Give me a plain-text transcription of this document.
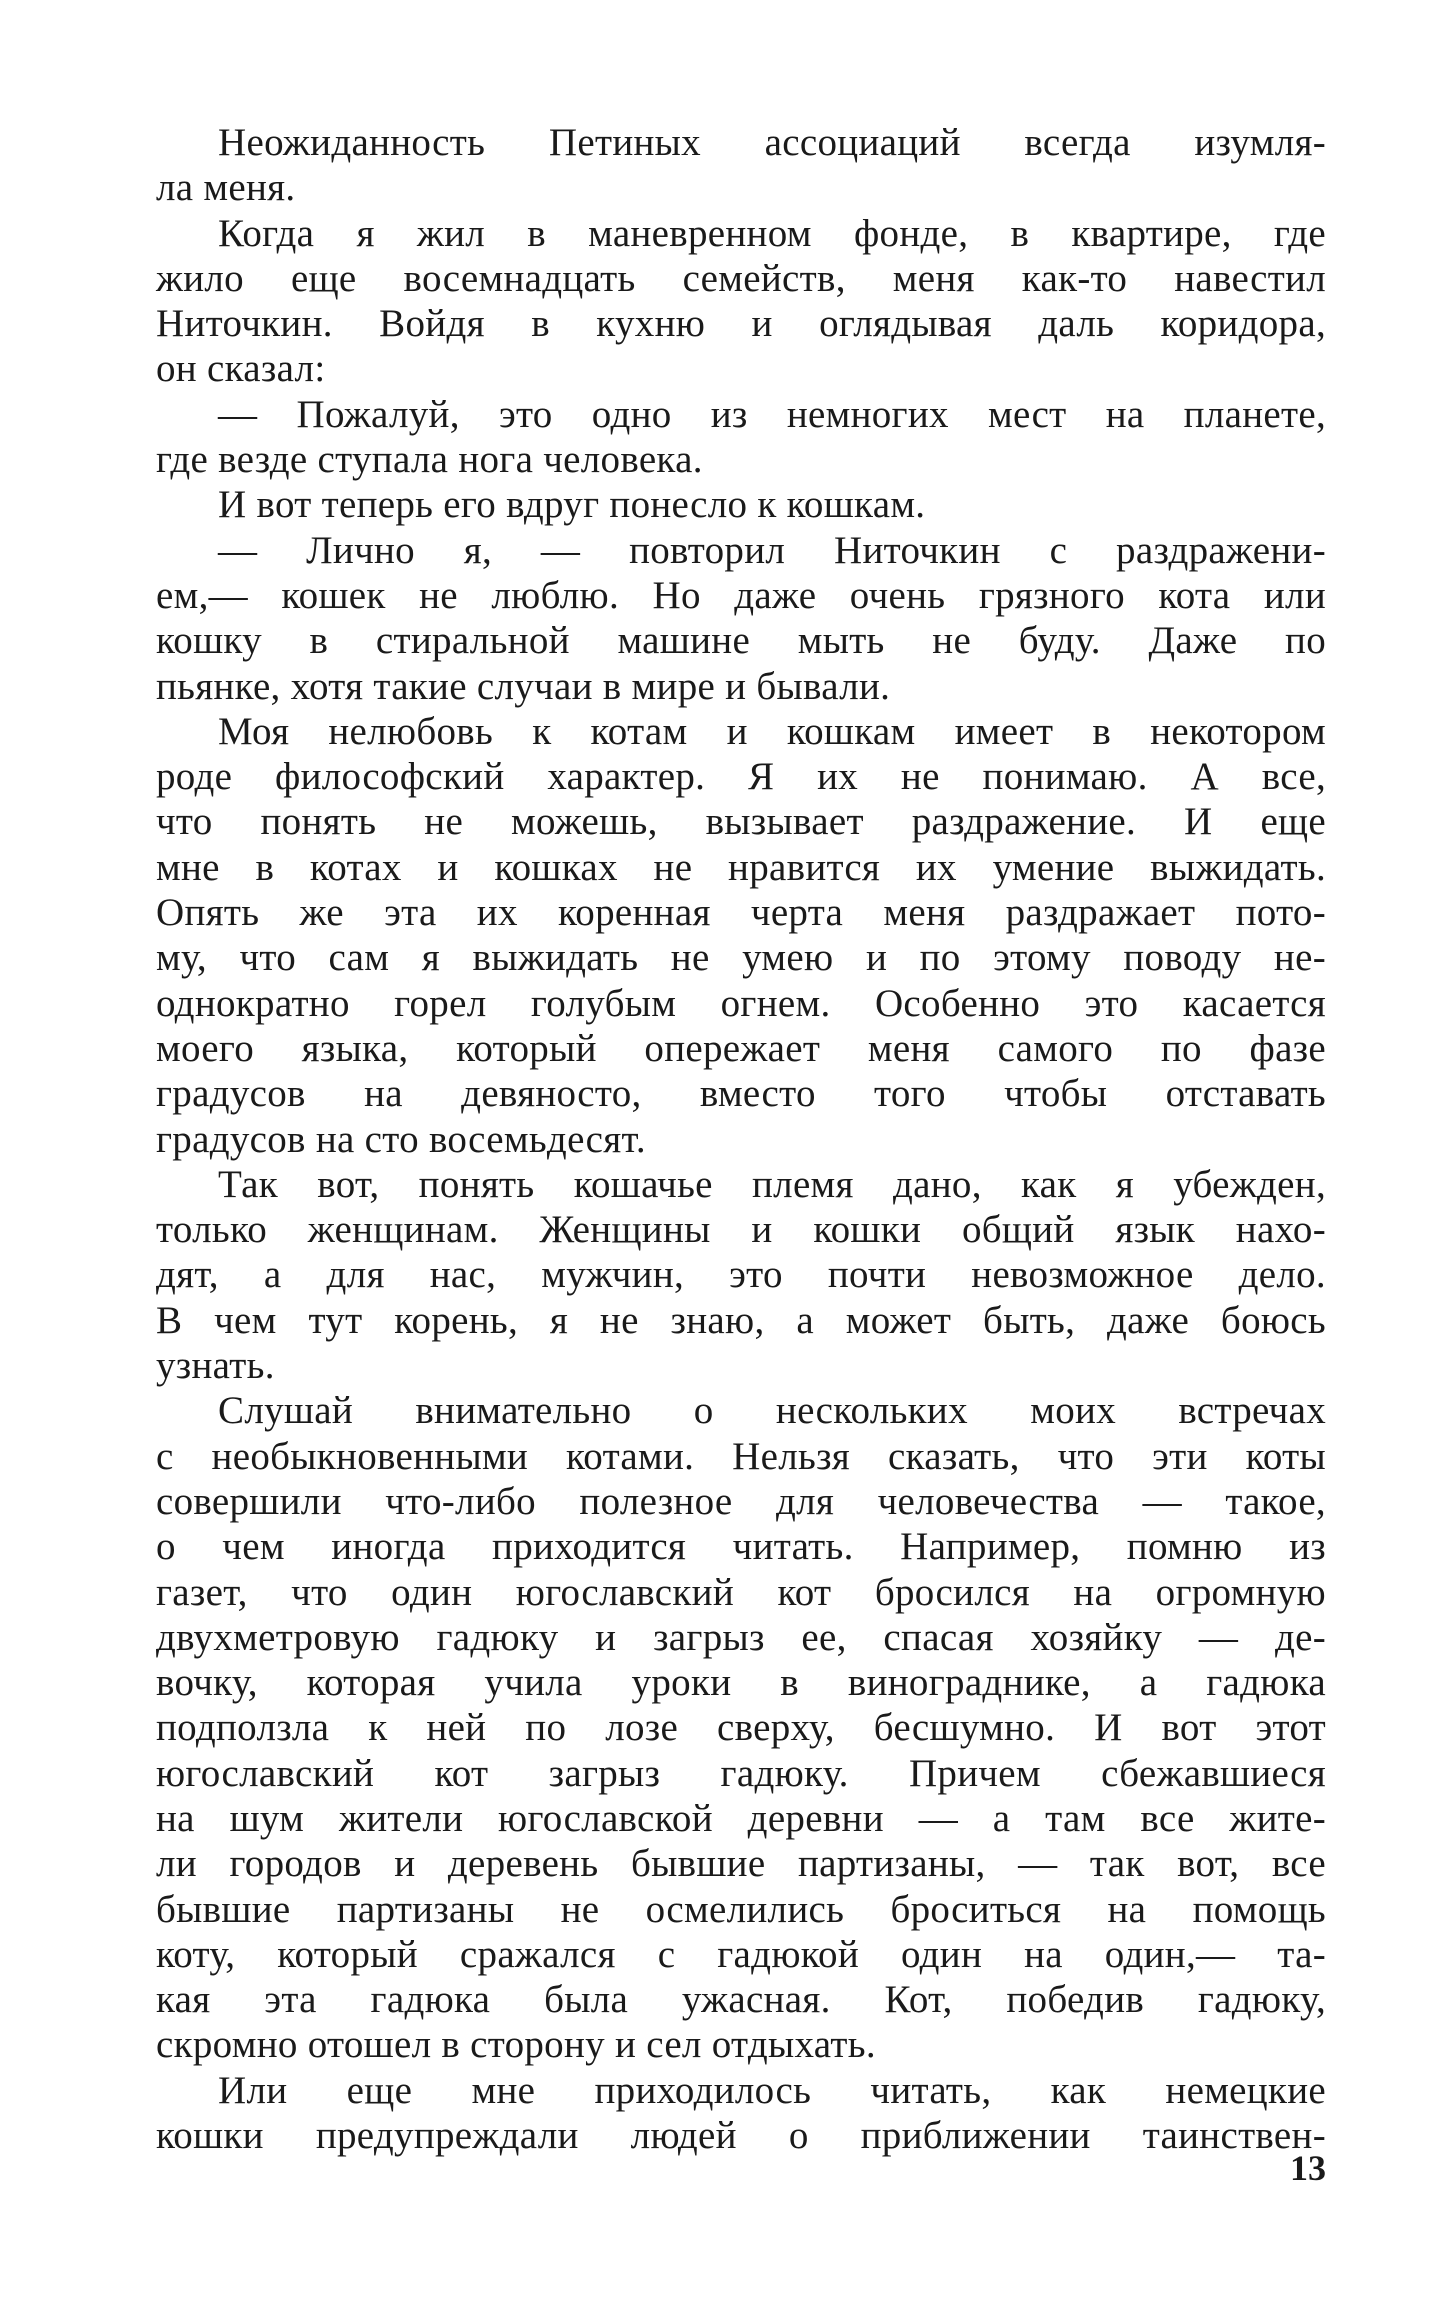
Неожиданность Петиных ассоциаций всегда изумля-
ла меня.
Когда я жил в маневренном фонде, в квартире, где
жило еще восемнадцать семейств, меня как-то навестил
Ниточкин. Войдя в кухню и оглядывая даль коридора,
он сказал:
— Пожалуй, это одно из немногих мест на планете,
где везде ступала нога человека.
И вот теперь его вдруг понесло к кошкам.
— Лично я, — повторил Ниточкин с раздражени-
ем,— кошек не люблю. Но даже очень грязного кота или
кошку в стиральной машине мыть не буду. Даже по
пьянке, хотя такие случаи в мире и бывали.
Моя нелюбовь к котам и кошкам имеет в некотором
роде философский характер. Я их не понимаю. А все,
что понять не можешь, вызывает раздражение. И еще
мне в котах и кошках не нравится их умение выжидать.
Опять же эта их коренная черта меня раздражает пото-
му, что сам я выжидать не умею и по этому поводу не-
однократно горел голубым огнем. Особенно это касается
моего языка, который опережает меня самого по фазе
градусов на девяносто, вместо того чтобы отставать
градусов на сто восемьдесят.
Так вот, понять кошачье племя дано, как я убежден,
только женщинам. Женщины и кошки общий язык нахо-
дят, а для нас, мужчин, это почти невозможное дело.
В чем тут корень, я не знаю, а может быть, даже боюсь
узнать.
Слушай внимательно о нескольких моих встречах
с необыкновенными котами. Нельзя сказать, что эти коты
совершили что-либо полезное для человечества — такое,
о чем иногда приходится читать. Например, помню из
газет, что один югославский кот бросился на огромную
двухметровую гадюку и загрыз ее, спасая хозяйку — де-
вочку, которая учила уроки в винограднике, а гадюка
подползла к ней по лозе сверху, бесшумно. И вот этот
югославский кот загрыз гадюку. Причем сбежавшиеся
на шум жители югославской деревни — а там все жите-
ли городов и деревень бывшие партизаны, — так вот, все
бывшие партизаны не осмелились броситься на помощь
коту, который сражался с гадюкой один на один,— та-
кая эта гадюка была ужасная. Кот, победив гадюку,
скромно отошел в сторону и сел отдыхать.
Или еще мне приходилось читать, как немецкие
кошки предупреждали людей о приближении таинствен-
13
